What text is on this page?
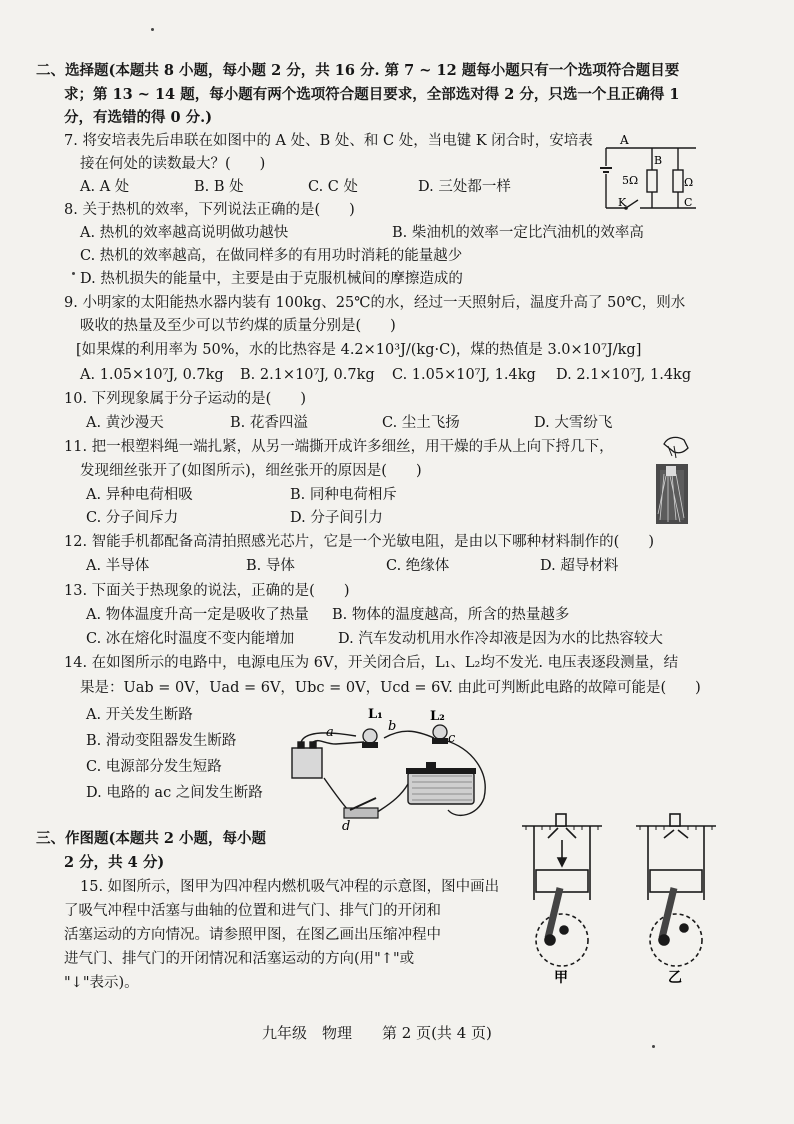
二、选择题(本题共 8 小题，每小题 2 分，共 16 分. 第 7 ~ 12 题每小题只有一个选项符合题目要
求；第 13 ~ 14 题，每小题有两个选项符合题目要求，全部选对得 2 分，只选一个且正确得 1
分，有选错的得 0 分.)
7. 将安培表先后串联在如图中的 A 处、B 处、和 C 处，当电键 K 闭合时，安培表
接在何处的读数最大？(　　)
A. A 处	B. B 处	C. C 处	D. 三处都一样
A
B
5Ω	Ω
K	C
8. 关于热机的效率，下列说法正确的是(　　)
A. 热机的效率越高说明做功越快	B. 柴油机的效率一定比汽油机的效率高
C. 热机的效率越高，在做同样多的有用功时消耗的能量越少
D. 热机损失的能量中，主要是由于克服机械间的摩擦造成的
9. 小明家的太阳能热水器内装有 100kg、25℃的水，经过一天照射后，温度升高了 50℃，则水
吸收的热量及至少可以节约煤的质量分别是(　　)
[如果煤的利用率为 50%，水的比热容是 4.2×10³J/(kg·C)，煤的热值是 3.0×10⁷J/kg]
A. 1.05×10⁷J, 0.7kg B. 2.1×10⁷J, 0.7kg C. 1.05×10⁷J, 1.4kg D. 2.1×10⁷J, 1.4kg
10. 下列现象属于分子运动的是(　　)
A. 黄沙漫天	B. 花香四溢	C. 尘土飞扬	D. 大雪纷飞
11. 把一根塑料绳一端扎紧，从另一端撕开成许多细丝，用干燥的手从上向下捋几下，
发现细丝张开了(如图所示)，细丝张开的原因是(　　)
A. 异种电荷相吸	B. 同种电荷相斥
C. 分子间斥力	D. 分子间引力
12. 智能手机都配备高清拍照感光芯片，它是一个光敏电阻，是由以下哪种材料制作的(　　)
A. 半导体	B. 导体	C. 绝缘体	D. 超导材料
13. 下面关于热现象的说法，正确的是(　　)
A. 物体温度升高一定是吸收了热量 B. 物体的温度越高，所含的热量越多
C. 冰在熔化时温度不变内能增加	D. 汽车发动机用水作冷却液是因为水的比热容较大
14. 在如图所示的电路中，电源电压为 6V，开关闭合后，L₁、L₂均不发光. 电压表逐段测量，结
果是：Uab = 0V，Uad = 6V，Ubc = 0V，Ucd = 6V. 由此可判断此电路的故障可能是(　　)
A. 开关发生断路
B. 滑动变阻器发生断路
C. 电源部分发生短路
D. 电路的 ac 之间发生断路
a
L₁
b
L₂
c
d
三、作图题(本题共 2 小题，每小题
2 分，共 4 分)
15. 如图所示，图甲为四冲程内燃机吸气冲程的示意图，图中画出
了吸气冲程中活塞与曲轴的位置和进气门、排气门的开闭和
活塞运动的方向情况。请参照甲图，在图乙画出压缩冲程中
进气门、排气门的开闭情况和活塞运动的方向(用"↑"或
"↓"表示)。	甲	乙
九年级　物理　　第 2 页(共 4 页)
